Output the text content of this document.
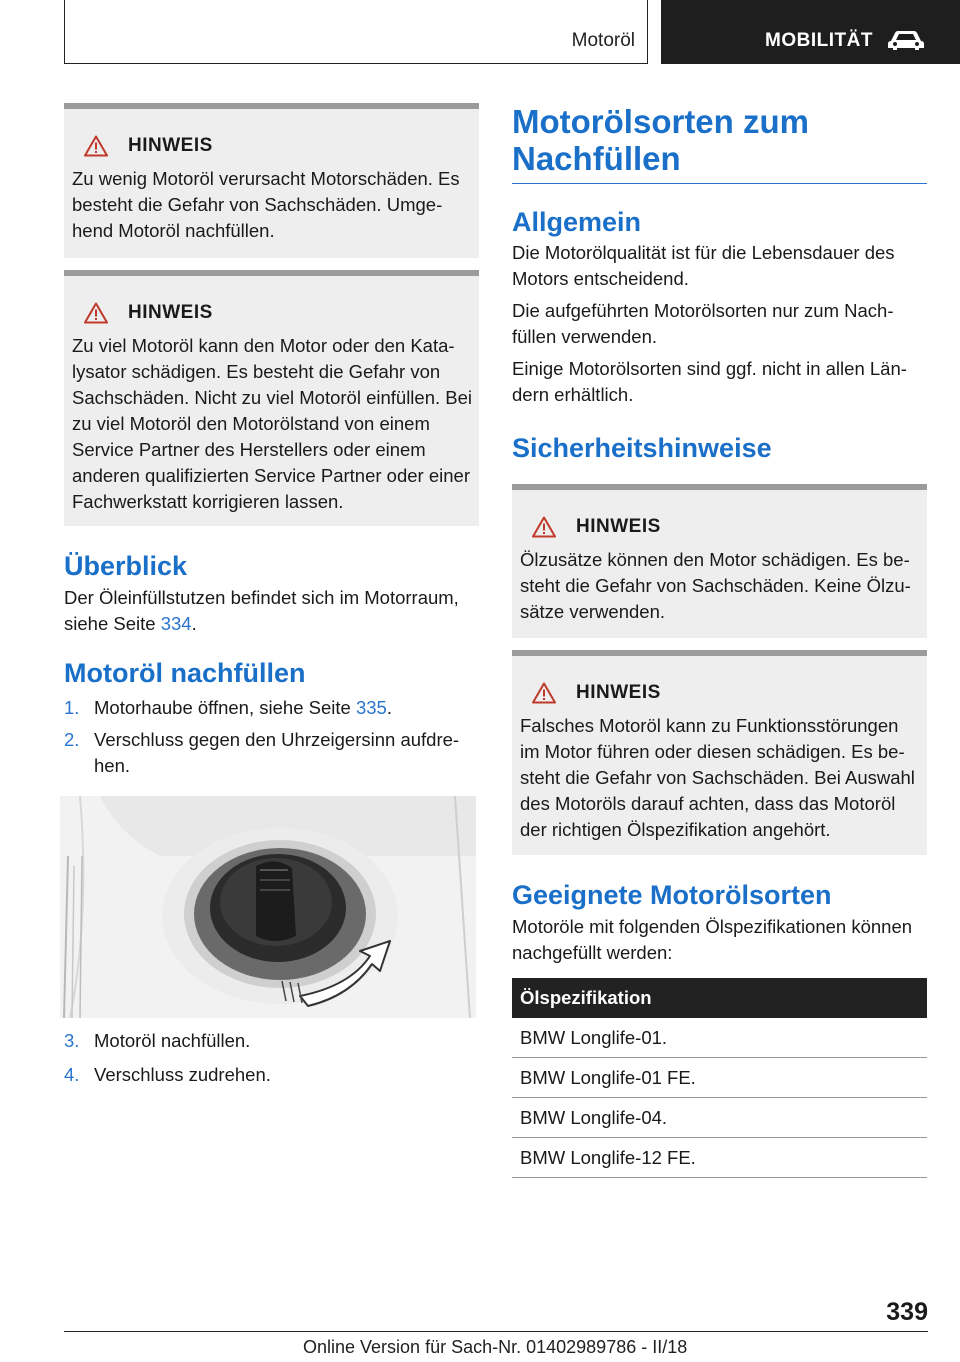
Motoröl	MOBILITÄT
HINWEIS
Zu wenig Motoröl verursacht Motorschäden. Es besteht die Gefahr von Sachschäden. Umgehend Motoröl nachfüllen.
HINWEIS
Zu viel Motoröl kann den Motor oder den Katalysator schädigen. Es besteht die Gefahr von Sachschäden. Nicht zu viel Motoröl einfüllen. Bei zu viel Motoröl den Motorölstand von einem Service Partner des Herstellers oder einem anderen qualifizierten Service Partner oder einer Fachwerkstatt korrigieren lassen.
Überblick

Der Öleinfüllstutzen befindet sich im Motorraum, siehe Seite 334.

Motoröl nachfüllen
1. Motorhaube öffnen, siehe Seite 335.
2. Verschluss gegen den Uhrzeigersinn aufdrehen.
3. Motoröl nachfüllen.
4. Verschluss zudrehen.
Motorölsorten zum Nachfüllen
Allgemein

Die Motorölqualität ist für die Lebensdauer des Motors entscheidend.

Die aufgeführten Motorölsorten nur zum Nachfüllen verwenden.

Einige Motorölsorten sind ggf. nicht in allen Ländern erhältlich.

Sicherheitshinweise
HINWEIS
Ölzusätze können den Motor schädigen. Es besteht die Gefahr von Sachschäden. Keine Ölzusätze verwenden.
HINWEIS
Falsches Motoröl kann zu Funktionsstörungen im Motor führen oder diesen schädigen. Es besteht die Gefahr von Sachschäden. Bei Auswahl des Motoröls darauf achten, dass das Motoröl der richtigen Ölspezifikation angehört.
Geeignete Motorölsorten

Motoröle mit folgenden Ölspezifikationen können nachgefüllt werden:

Ölspezifikation
BMW Longlife-01.
BMW Longlife-01 FE.
BMW Longlife-04.
BMW Longlife-12 FE.
339
Online Version für Sach-Nr. 01402989786 - II/18
